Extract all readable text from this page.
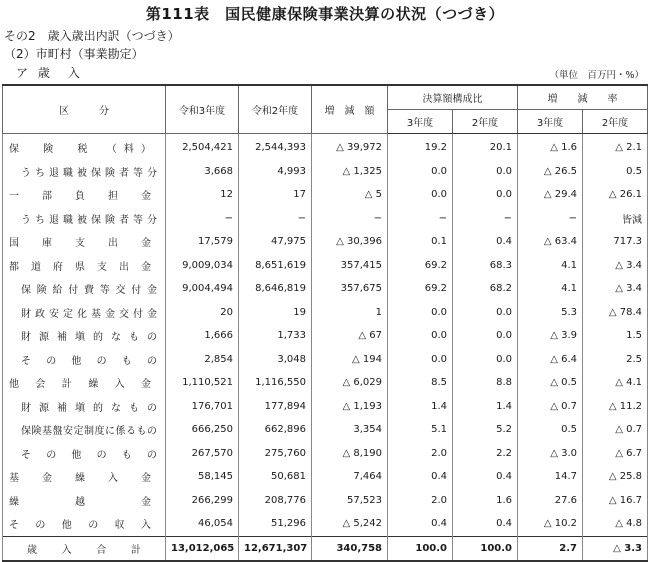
第111表　国民健康保険事業決算の状況（つづき）
その2　歳入歳出内訳（つづき）
（2）市町村（事業勘定）
ア 歳　入	（単位　百万円・%）
区　　　分	令和3年度	令和2年度	増　減　額	決算額構成比		増　　減　　率	
				3年度	2年度	3年度	2年度
保　険　税　（料）	2,504,421	2,544,393	△ 39,972	19.2	20.1	△ 1.6	△ 2.1
うち退職被保険者等分	3,668	4,993	△ 1,325	0.0	0.0	△ 26.5	0.5
一部負担金	12	17	△ 5	0.0	0.0	△ 29.4	△ 26.1
うち退職被保険者等分	−	−	−	−	−	−	皆減
国庫支出金	17,579	47,975	△ 30,396	0.1	0.4	△ 63.4	717.3
都道府県支出金	9,009,034	8,651,619	357,415	69.2	68.3	4.1	△ 3.4
保険給付費等交付金	9,004,494	8,646,819	357,675	69.2	68.2	4.1	△ 3.4
財政安定化基金交付金	20	19	1	0.0	0.0	5.3	△ 78.4
財源補塡的なもの	1,666	1,733	△ 67	0.0	0.0	△ 3.9	1.5
その他のもの	2,854	3,048	△ 194	0.0	0.0	△ 6.4	2.5
他会計繰入金	1,110,521	1,116,550	△ 6,029	8.5	8.8	△ 0.5	△ 4.1
財源補塡的なもの	176,701	177,894	△ 1,193	1.4	1.4	△ 0.7	△ 11.2
保険基盤安定制度に係るもの	666,250	662,896	3,354	5.1	5.2	0.5	△ 0.7
その他のもの	267,570	275,760	△ 8,190	2.0	2.2	△ 3.0	△ 6.7
基金繰入金	58,145	50,681	7,464	0.4	0.4	14.7	△ 25.8
繰　越　金	266,299	208,776	57,523	2.0	1.6	27.6	△ 16.7
その他の収入	46,054	51,296	△ 5,242	0.4	0.4	△ 10.2	△ 4.8
歳入合計	13,012,065	12,671,307	340,758	100.0	100.0	2.7	△ 3.3
